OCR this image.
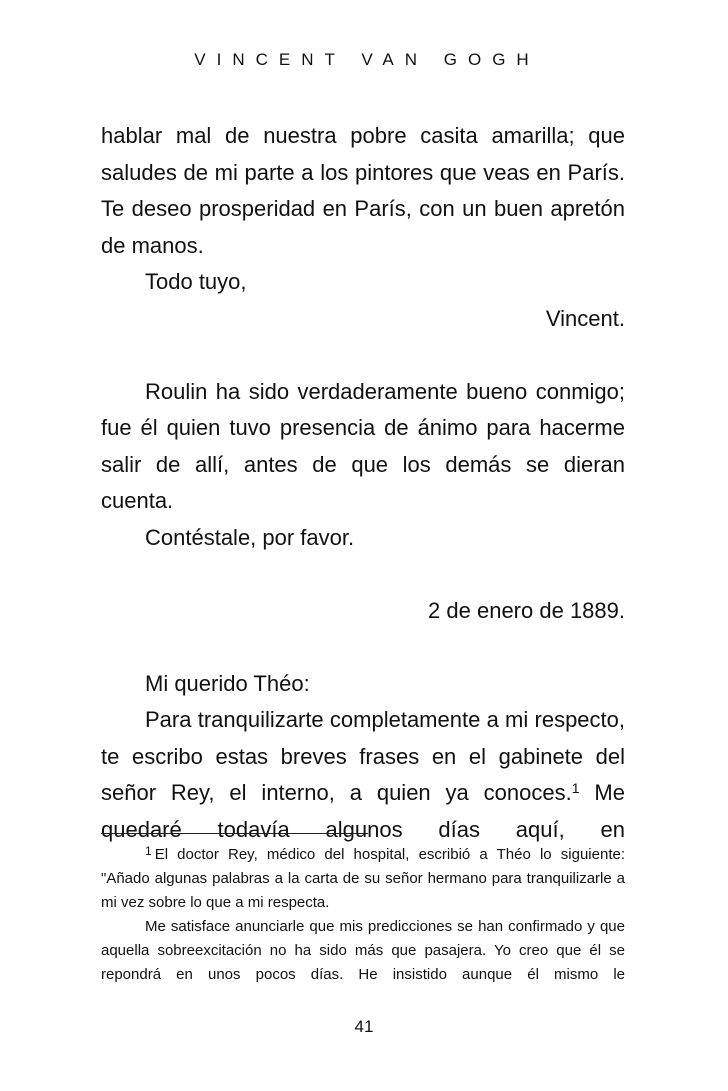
VINCENT VAN GOGH

hablar mal de nuestra pobre casita amarilla; que saludes de mi parte a los pintores que veas en París. Te deseo prosperidad en París, con un buen apretón de manos.

Todo tuyo,

Vincent.

Roulin ha sido verdaderamente bueno conmigo; fue él quien tuvo presencia de ánimo para hacerme salir de allí, antes de que los demás se dieran cuenta.

Contéstale, por favor.

2 de enero de 1889.

Mi querido Théo:

Para tranquilizarte completamente a mi respecto, te escribo estas breves frases en el gabinete del señor Rey, el interno, a quien ya conoces.$^1$ Me quedaré todavía algunos días aquí, en

$^1$ El doctor Rey, médico del hospital, escribió a Théo lo siguiente: "Añado algunas palabras a la carta de su señor hermano para tranquilizarle a mi vez sobre lo que a mi respecta.

Me satisface anunciarle que mis predicciones se han confirmado y que aquella sobreexcitación no ha sido más que pasajera. Yo creo que él se repondrá en unos pocos días. He insistido aunque él mismo le

41
